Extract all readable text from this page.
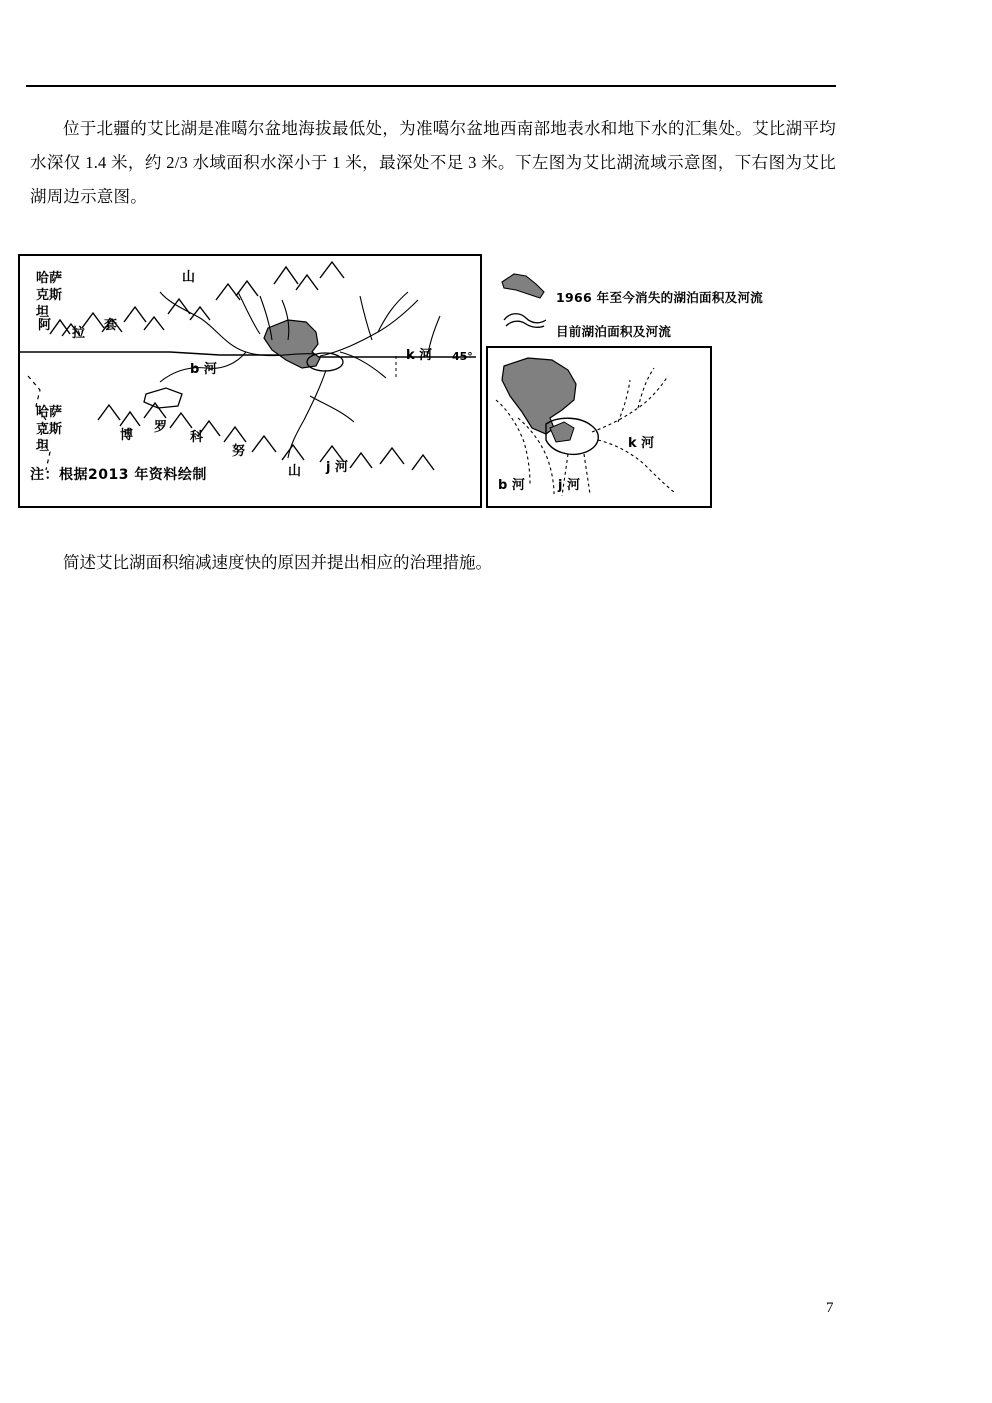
位于北疆的艾比湖是准噶尔盆地海拔最低处，为准噶尔盆地西南部地表水和地下水的汇集处。艾比湖平均水深仅 1.4 米，约 2/3 水域面积水深小于 1 米，最深处不足 3 米。下左图为艾比湖流域示意图，下右图为艾比湖周边示意图。
哈萨克斯坦
阿
拉
套
山
b 河
k 河 45°
哈萨克斯坦
博
罗
科
努
山 j 河
注：根据2013 年资料绘制
1966 年至今消失的湖泊面积及河流
目前湖泊面积及河流
k 河
b 河	j 河
简述艾比湖面积缩减速度快的原因并提出相应的治理措施。
7
